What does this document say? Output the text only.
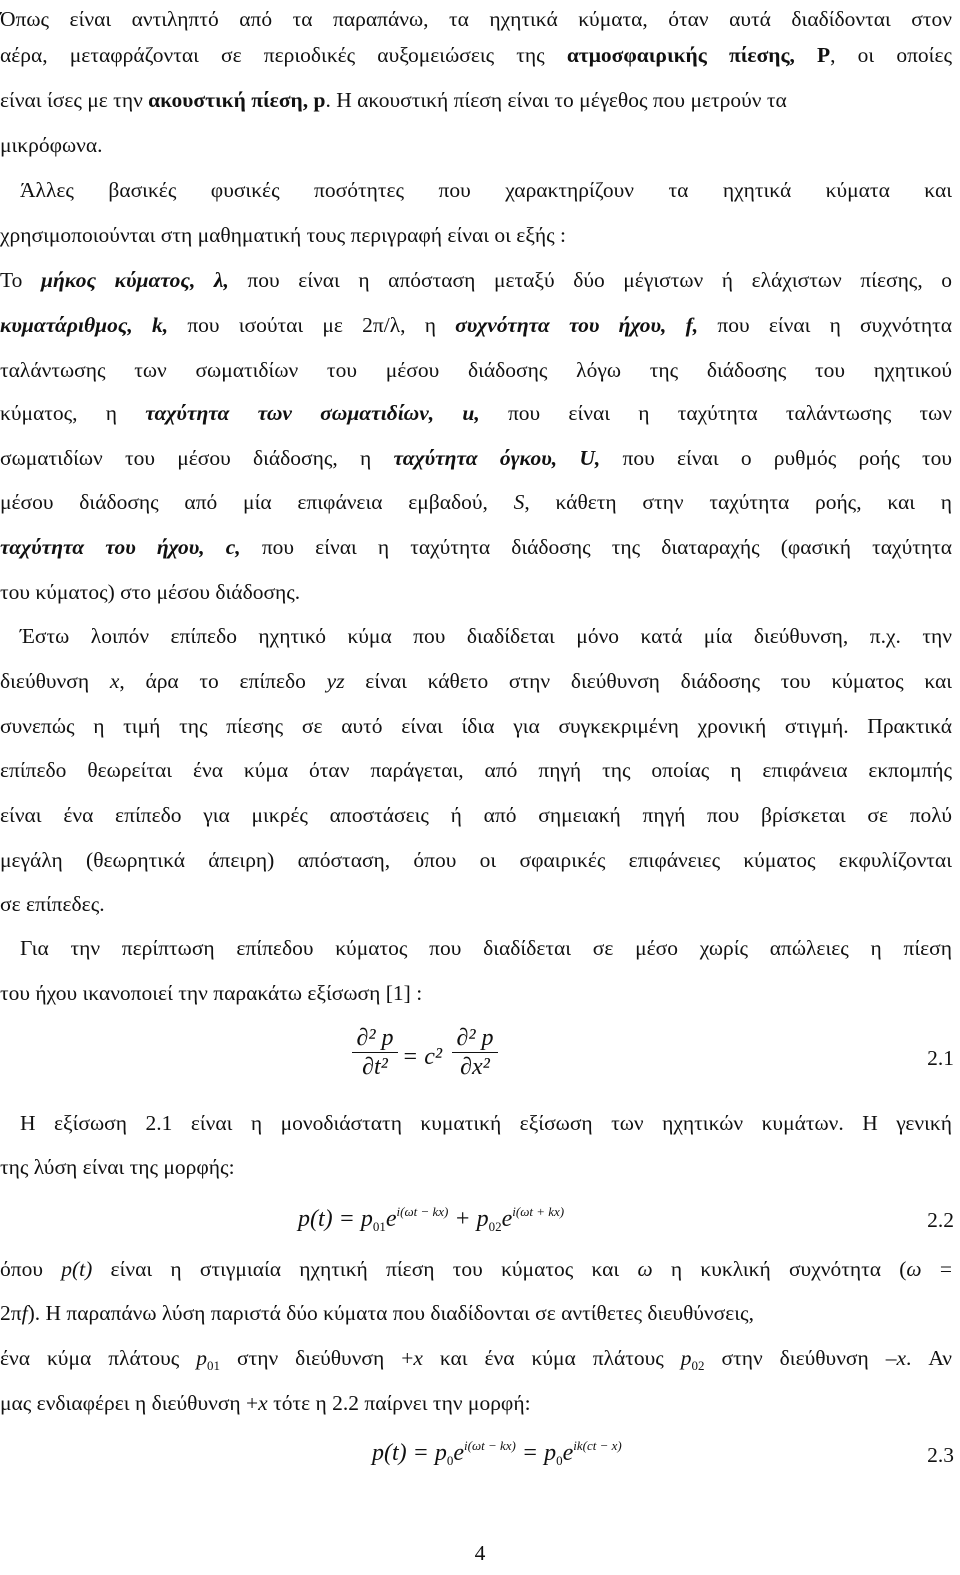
Όπως είναι αντιληπτό από τα παραπάνω, τα ηχητικά κύματα, όταν αυτά διαδίδονται στον
αέρα, μεταφράζονται σε περιοδικές αυξομειώσεις της ατμοσφαιρικής πίεσης, P, οι οποίες
είναι ίσες με την ακουστική πίεση, p. Η ακουστική πίεση είναι το μέγεθος που μετρούν τα
μικρόφωνα.
Άλλες βασικές φυσικές ποσότητες που χαρακτηρίζουν τα ηχητικά κύματα και
χρησιμοποιούνται στη μαθηματική τους περιγραφή είναι οι εξής :
Το μήκος κύματος, λ, που είναι η απόσταση μεταξύ δύο μέγιστων ή ελάχιστων πίεσης, ο
κυματάριθμος, k, που ισούται με 2π/λ, η συχνότητα του ήχου, f, που είναι η συχνότητα
ταλάντωσης των σωματιδίων του μέσου διάδοσης λόγω της διάδοσης του ηχητικού
κύματος, η ταχύτητα των σωματιδίων, u, που είναι η ταχύτητα ταλάντωσης των
σωματιδίων του μέσου διάδοσης, η ταχύτητα όγκου, U, που είναι ο ρυθμός ροής του
μέσου διάδοσης από μία επιφάνεια εμβαδού, S, κάθετη στην ταχύτητα ροής, και η
ταχύτητα του ήχου, c, που είναι η ταχύτητα διάδοσης της διαταραχής (φασική ταχύτητα
του κύματος) στο μέσου διάδοσης.
Έστω λοιπόν επίπεδο ηχητικό κύμα που διαδίδεται μόνο κατά μία διεύθυνση, π.χ. την
διεύθυνση x, άρα το επίπεδο yz είναι κάθετο στην διεύθυνση διάδοσης του κύματος και
συνεπώς η τιμή της πίεσης σε αυτό είναι ίδια για συγκεκριμένη χρονική στιγμή. Πρακτικά
επίπεδο θεωρείται ένα κύμα όταν παράγεται, από πηγή της οποίας η επιφάνεια εκπομπής
είναι ένα επίπεδο για μικρές αποστάσεις ή από σημειακή πηγή που βρίσκεται σε πολύ
μεγάλη (θεωρητικά άπειρη) απόσταση, όπου οι σφαιρικές επιφάνειες κύματος εκφυλίζονται
σε επίπεδες.
Για την περίπτωση επίπεδου κύματος που διαδίδεται σε μέσο χωρίς απώλειες η πίεση
του ήχου ικανοποιεί την παρακάτω εξίσωση [1] :
∂² p
∂t² = c²
∂² p
∂x²	2.1
Η εξίσωση 2.1 είναι η μονοδιάστατη κυματική εξίσωση των ηχητικών κυμάτων. Η γενική
της λύση είναι της μορφής:
$p(t) = p_{01}e^{i(\omega t - kx)} + p_{02}e^{i(\omega t + kx)}$	2.2
όπου p(t) είναι η στιγμιαία ηχητική πίεση του κύματος και ω η κυκλική συχνότητα (ω =
2πf). Η παραπάνω λύση παριστά δύο κύματα που διαδίδονται σε αντίθετες διευθύνσεις,
ένα κύμα πλάτους $p_{01}$ στην διεύθυνση +x και ένα κύμα πλάτους $p_{02}$ στην διεύθυνση –x. Αν
μας ενδιαφέρει η διεύθυνση +x τότε η 2.2 παίρνει την μορφή:
$p(t) = p_0e^{i(\omega t - kx)} = p_0e^{ik(ct - x)}$	2.3
4
